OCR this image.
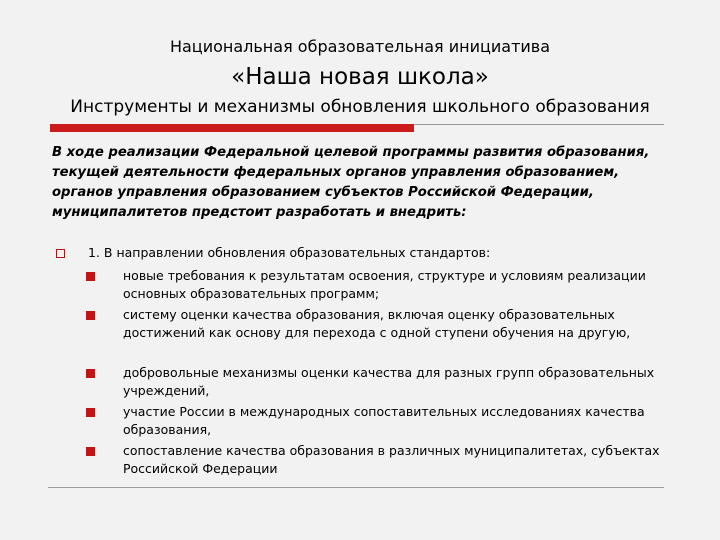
Национальная образовательная инициатива
«Наша новая школа»
Инструменты и механизмы обновления школьного образования

В ходе реализации Федеральной целевой программы развития образования, текущей деятельности федеральных органов управления образованием, органов управления образованием субъектов Российской Федерации, муниципалитетов предстоит разработать и внедрить:

1. В направлении обновления образовательных стандартов:
новые требования к результатам освоения, структуре и условиям реализации основных образовательных программ;
систему оценки качества образования, включая оценку образовательных достижений как основу для перехода с одной ступени обучения на другую,
добровольные механизмы оценки качества для разных групп образовательных учреждений,
участие России в международных сопоставительных исследованиях качества образования,
сопоставление качества образования в различных муниципалитетах, субъектах Российской Федерации
